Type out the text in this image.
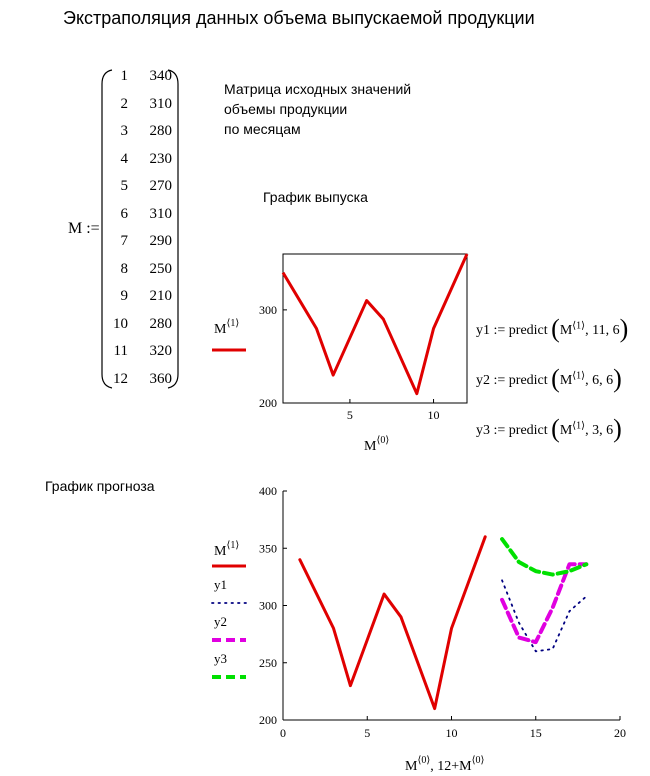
Экстраполяция данных объема выпускаемой продукции
M :=
1 340
2 310
3 280
4 230
5 270
6 310
7 290
8 250
9 210
10 280
11 320
12 360
Матрица исходных значений
объемы продукции
по месяцам
График выпуска
График прогноза
y1 := predict ($M^{⟨1⟩}$, 11, 6)
y2 := predict ($M^{⟨1⟩}$, 6, 6)
y3 := predict ($M^{⟨1⟩}$, 3, 6)
5	10
200
300
$M^{⟨0⟩}$
$M^{⟨1⟩}$
0	5	10	15	20
200
250
300
350
400
$M^{⟨0⟩}$, $12+M^{⟨0⟩}$
$M^{⟨1⟩}$
y1
y2
y3
